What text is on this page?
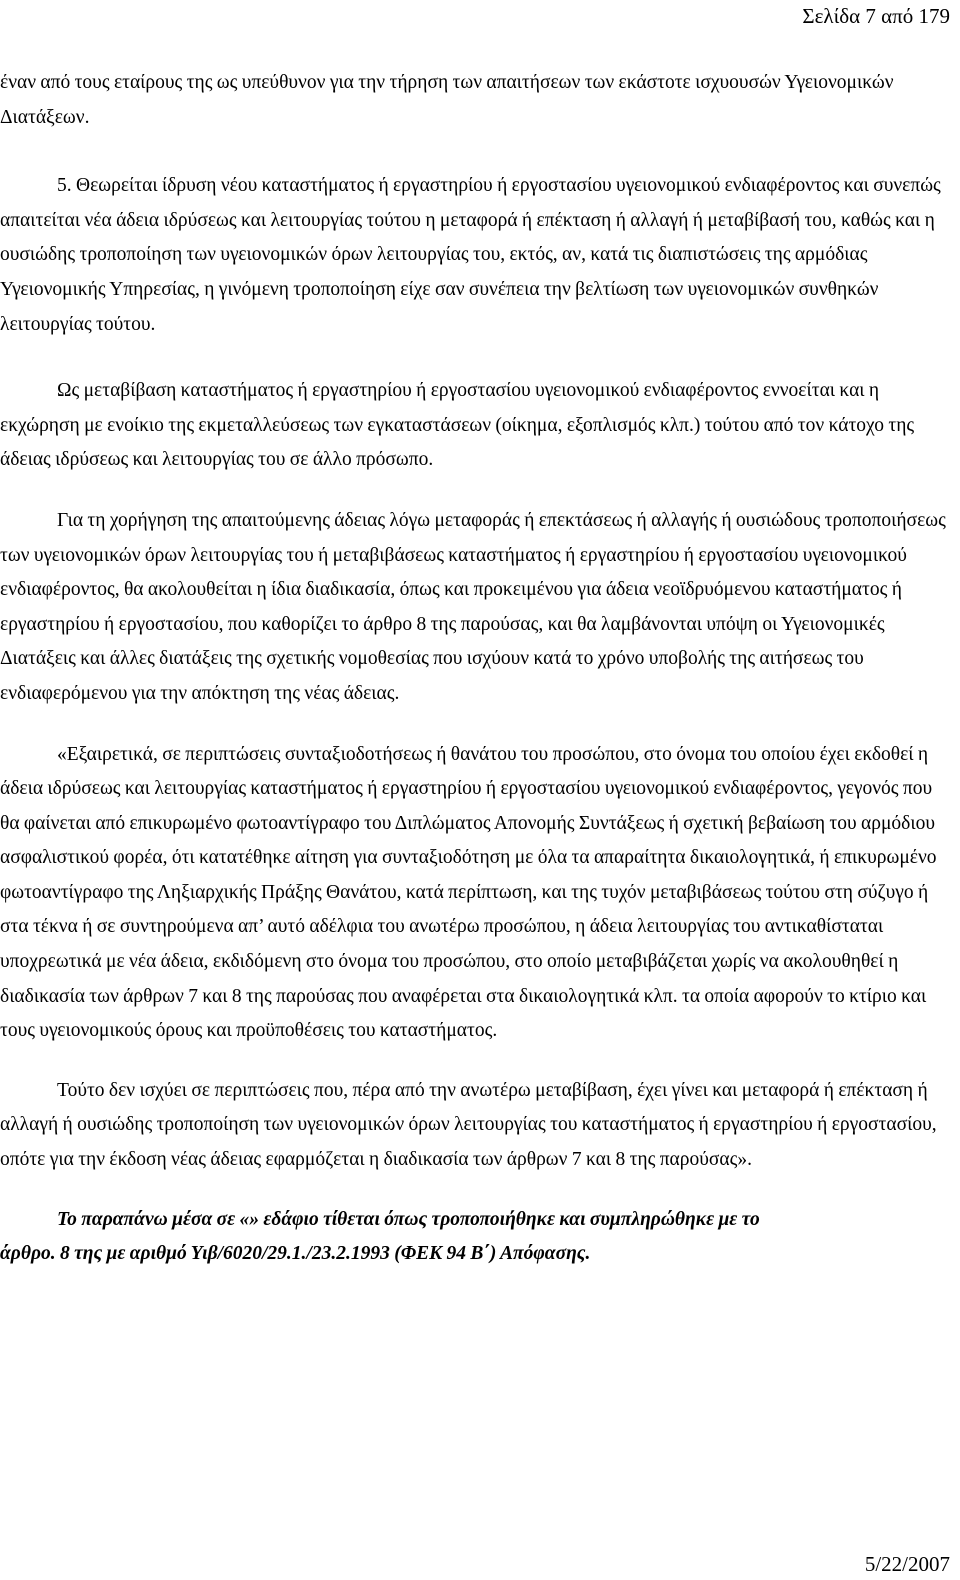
Σελίδα 7 από 179

έναν από τους εταίρους της ως υπεύθυνον για την τήρηση των απαιτήσεων των εκάστοτε ισχυουσών Υγειονομικών Διατάξεων.

5. Θεωρείται ίδρυση νέου καταστήματος ή εργαστηρίου ή εργοστασίου υγειονομικού ενδιαφέροντος και συνεπώς απαιτείται νέα άδεια ιδρύσεως και λειτουργίας τούτου η μεταφορά ή επέκταση ή αλλαγή ή μεταβίβασή του, καθώς και η ουσιώδης τροποποίηση των υγειονομικών όρων λειτουργίας του, εκτός, αν, κατά τις διαπιστώσεις της αρμόδιας Υγειονομικής Υπηρεσίας, η γινόμενη τροποποίηση είχε σαν συνέπεια την βελτίωση των υγειονομικών συνθηκών λειτουργίας τούτου.

Ως μεταβίβαση καταστήματος ή εργαστηρίου ή εργοστασίου υγειονομικού ενδιαφέροντος εννοείται και η εκχώρηση με ενοίκιο της εκμεταλλεύσεως των εγκαταστάσεων (οίκημα, εξοπλισμός κλπ.) τούτου από τον κάτοχο της άδειας ιδρύσεως και λειτουργίας του σε άλλο πρόσωπο.

Για τη χορήγηση της απαιτούμενης άδειας λόγω μεταφοράς ή επεκτάσεως ή αλλαγής ή ουσιώδους τροποποιήσεως των υγειονομικών όρων λειτουργίας του ή μεταβιβάσεως καταστήματος ή εργαστηρίου ή εργοστασίου υγειονομικού ενδιαφέροντος, θα ακολουθείται η ίδια διαδικασία, όπως και προκειμένου για άδεια νεοϊδρυόμενου καταστήματος ή εργαστηρίου ή εργοστασίου, που καθορίζει το άρθρο 8 της παρούσας, και θα λαμβάνονται υπόψη οι Υγειονομικές Διατάξεις και άλλες διατάξεις της σχετικής νομοθεσίας που ισχύουν κατά το χρόνο υποβολής της αιτήσεως του ενδιαφερόμενου για την απόκτηση της νέας άδειας.

«Εξαιρετικά, σε περιπτώσεις συνταξιοδοτήσεως ή θανάτου του προσώπου, στο όνομα του οποίου έχει εκδοθεί η άδεια ιδρύσεως και λειτουργίας καταστήματος ή εργαστηρίου ή εργοστασίου υγειονομικού ενδιαφέροντος, γεγονός που θα φαίνεται από επικυρωμένο φωτοαντίγραφο του Διπλώματος Απονομής Συντάξεως ή σχετική βεβαίωση του αρμόδιου ασφαλιστικού φορέα, ότι κατατέθηκε αίτηση για συνταξιοδότηση με όλα τα απαραίτητα δικαιολογητικά, ή επικυρωμένο φωτοαντίγραφο της Ληξιαρχικής Πράξης Θανάτου, κατά περίπτωση, και της τυχόν μεταβιβάσεως τούτου στη σύζυγο ή στα τέκνα ή σε συντηρούμενα απ’ αυτό αδέλφια του ανωτέρω προσώπου, η άδεια λειτουργίας του αντικαθίσταται υποχρεωτικά με νέα άδεια, εκδιδόμενη στο όνομα του προσώπου, στο οποίο μεταβιβάζεται χωρίς να ακολουθηθεί η διαδικασία των άρθρων 7 και 8 της παρούσας που αναφέρεται στα δικαιολογητικά κλπ. τα οποία αφορούν το κτίριο και τους υγειονομικούς όρους και προϋποθέσεις του καταστήματος.

Τούτο δεν ισχύει σε περιπτώσεις που, πέρα από την ανωτέρω μεταβίβαση, έχει γίνει και μεταφορά ή επέκταση ή αλλαγή ή ουσιώδης τροποποίηση των υγειονομικών όρων λειτουργίας του καταστήματος ή εργαστηρίου ή εργοστασίου, οπότε για την έκδοση νέας άδειας εφαρμόζεται η διαδικασία των άρθρων 7 και 8 της παρούσας».

Το παραπάνω μέσα σε «» εδάφιο τίθεται όπως τροποποιήθηκε και συμπληρώθηκε με το
άρθρο. 8 της με αριθμό Υιβ/6020/29.1./23.2.1993 (ΦΕΚ 94 Β΄) Απόφασης.

5/22/2007
